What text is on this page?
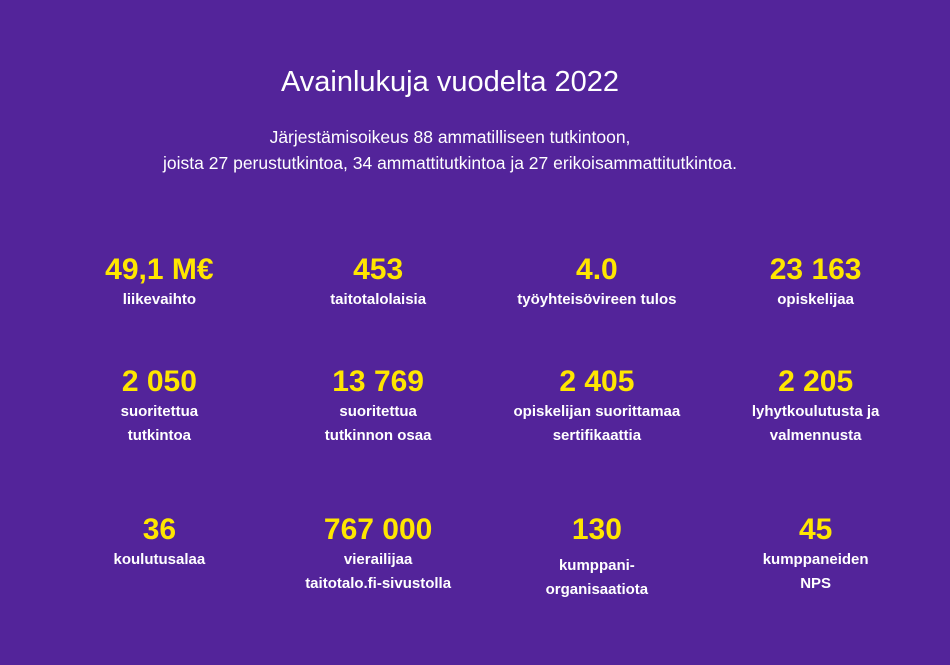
Avainlukuja vuodelta 2022

Järjestämisoikeus 88 ammatilliseen tutkintoon,
joista 27 perustutkintoa, 34 ammattitutkintoa ja 27 erikoisammattitutkintoa.

49,1 M€
liikevaihto
453
taitotalolaisia
4.0
työyhteisövireen tulos
23 163
opiskelijaa
2 050
suoritettua
tutkintoa
13 769
suoritettua
tutkinnon osaa
2 405
opiskelijan suorittamaa
sertifikaattia
2 205
lyhytkoulutusta ja
valmennusta
36
koulutusalaa
767 000
vierailijaa
taitotalo.fi-sivustolla
130
kumppani-
organisaatiota
45
kumppaneiden
NPS
